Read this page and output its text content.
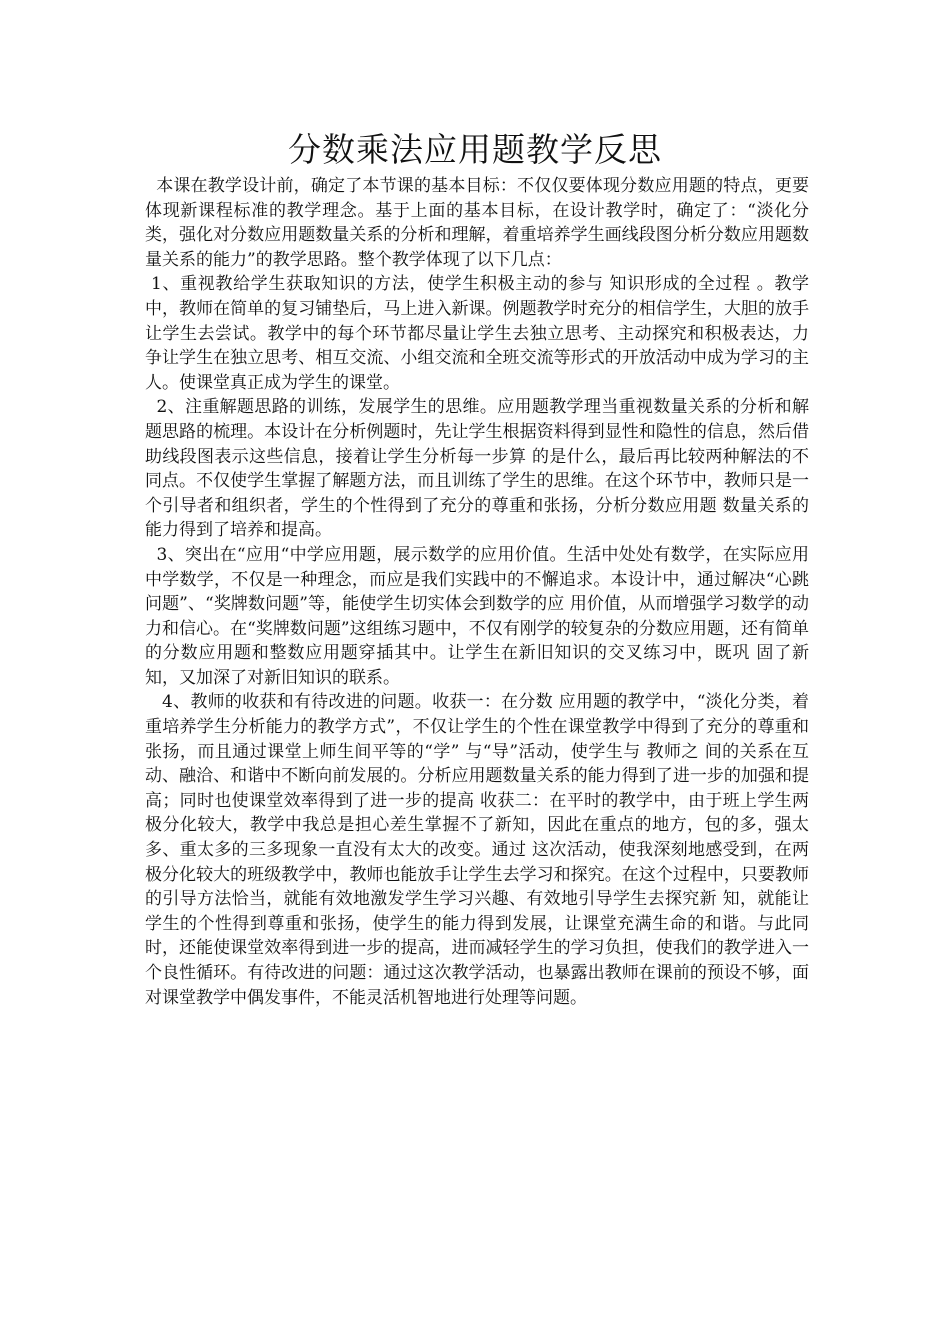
分数乘法应用题教学反思

本课在教学设计前，确定了本节课的基本目标：不仅仅要体现分数应用题的特点，更要体现新课程标准的教学理念。基于上面的基本目标，在设计教学时，确定了：“淡化分类，强化对分数应用题数量关系的分析和理解，着重培养学生画线段图分析分数应用题数量关系的能力”的教学思路。整个教学体现了以下几点：

1、重视教给学生获取知识的方法，使学生积极主动的参与 知识形成的全过程 。教学中，教师在简单的复习铺垫后，马上进入新课。例题教学时充分的相信学生，大胆的放手让学生去尝试。教学中的每个环节都尽量让学生去独立思考、主动探究和积极表达，力 争让学生在独立思考、相互交流、小组交流和全班交流等形式的开放活动中成为学习的主人。使课堂真正成为学生的课堂。

2、注重解题思路的训练，发展学生的思维。应用题教学理当重视数量关系的分析和解题思路的梳理。本设计在分析例题时，先让学生根据资料得到显性和隐性的信息，然后借助线段图表示这些信息，接着让学生分析每一步算 的是什么，最后再比较两种解法的不同点。不仅使学生掌握了解题方法，而且训练了学生的思维。在这个环节中，教师只是一个引导者和组织者，学生的个性得到了充分的尊重和张扬，分析分数应用题 数量关系的能力得到了培养和提高。

3、突出在“应用“中学应用题，展示数学的应用价值。生活中处处有数学，在实际应用中学数学，不仅是一种理念，而应是我们实践中的不懈追求。本设计中，通过解决“心跳问题”、“奖牌数问题”等，能使学生切实体会到数学的应 用价值，从而增强学习数学的动力和信心。在“奖牌数问题”这组练习题中，不仅有刚学的较复杂的分数应用题，还有简单的分数应用题和整数应用题穿插其中。让学生在新旧知识的交叉练习中，既巩 固了新知，又加深了对新旧知识的联系。

4、教师的收获和有待改进的问题。收获一：在分数 应用题的教学中，“淡化分类，着重培养学生分析能力的教学方式”，不仅让学生的个性在课堂教学中得到了充分的尊重和张扬，而且通过课堂上师生间平等的“学” 与“导”活动，使学生与 教师之 间的关系在互动、融洽、和谐中不断向前发展的。分析应用题数量关系的能力得到了进一步的加强和提高；同时也使课堂效率得到了进一步的提高 收获二：在平时的教学中，由于班上学生两极分化较大，教学中我总是担心差生掌握不了新知，因此在重点的地方，包的多，强太多、重太多的三多现象一直没有太大的改变。通过 这次活动，使我深刻地感受到，在两极分化较大的班级教学中，教师也能放手让学生去学习和探究。在这个过程中，只要教师的引导方法恰当，就能有效地激发学生学习兴趣、有效地引导学生去探究新 知，就能让学生的个性得到尊重和张扬，使学生的能力得到发展，让课堂充满生命的和谐。与此同时，还能使课堂效率得到进一步的提高，进而减轻学生的学习负担，使我们的教学进入一个良性循环。有待改进的问题：通过这次教学活动，也暴露出教师在课前的预设不够，面对课堂教学中偶发事件，不能灵活机智地进行处理等问题。
